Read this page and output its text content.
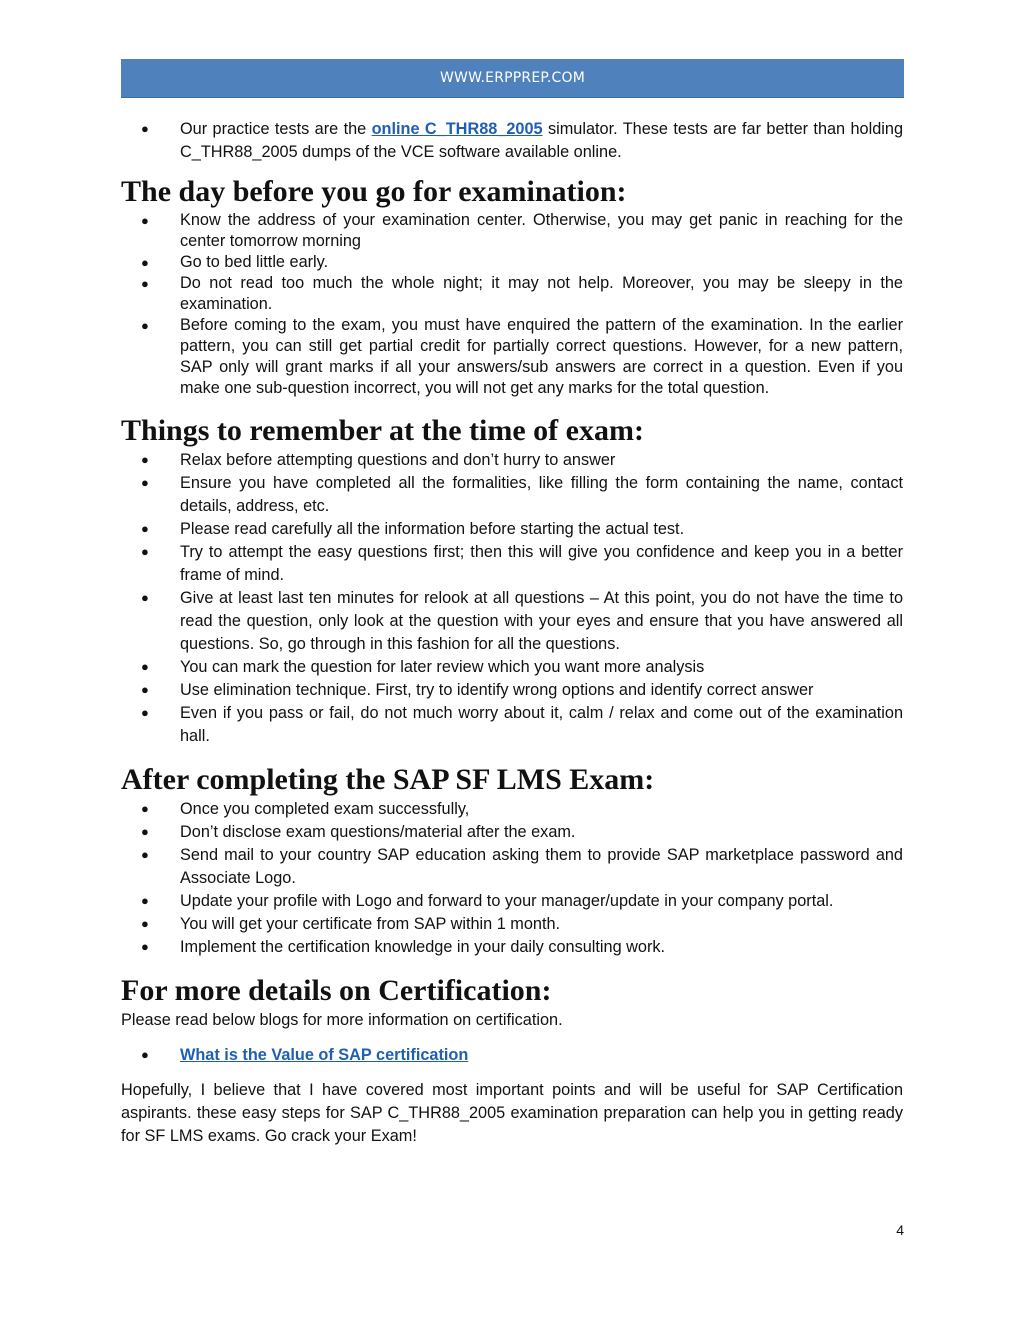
WWW.ERPPREP.COM
● Our practice tests are the online C_THR88_2005 simulator. These tests are far better than holding C_THR88_2005 dumps of the VCE software available online.
The day before you go for examination:
● Know the address of your examination center. Otherwise, you may get panic in reaching for the center tomorrow morning
● Go to bed little early.
● Do not read too much the whole night; it may not help. Moreover, you may be sleepy in the examination.
● Before coming to the exam, you must have enquired the pattern of the examination. In the earlier pattern, you can still get partial credit for partially correct questions. However, for a new pattern, SAP only will grant marks if all your answers/sub answers are correct in a question. Even if you make one sub-question incorrect, you will not get any marks for the total question.
Things to remember at the time of exam:
● Relax before attempting questions and don’t hurry to answer
● Ensure you have completed all the formalities, like filling the form containing the name, contact details, address, etc.
● Please read carefully all the information before starting the actual test.
● Try to attempt the easy questions first; then this will give you confidence and keep you in a better frame of mind.
● Give at least last ten minutes for relook at all questions – At this point, you do not have the time to read the question, only look at the question with your eyes and ensure that you have answered all questions. So, go through in this fashion for all the questions.
● You can mark the question for later review which you want more analysis
● Use elimination technique. First, try to identify wrong options and identify correct answer
● Even if you pass or fail, do not much worry about it, calm / relax and come out of the examination hall.
After completing the SAP SF LMS Exam:
● Once you completed exam successfully,
● Don’t disclose exam questions/material after the exam.
● Send mail to your country SAP education asking them to provide SAP marketplace password and Associate Logo.
● Update your profile with Logo and forward to your manager/update in your company portal.
● You will get your certificate from SAP within 1 month.
● Implement the certification knowledge in your daily consulting work.
For more details on Certification:

Please read below blogs for more information on certification.

● What is the Value of SAP certification

Hopefully, I believe that I have covered most important points and will be useful for SAP Certification aspirants. these easy steps for SAP C_THR88_2005 examination preparation can help you in getting ready for SF LMS exams. Go crack your Exam!

4
